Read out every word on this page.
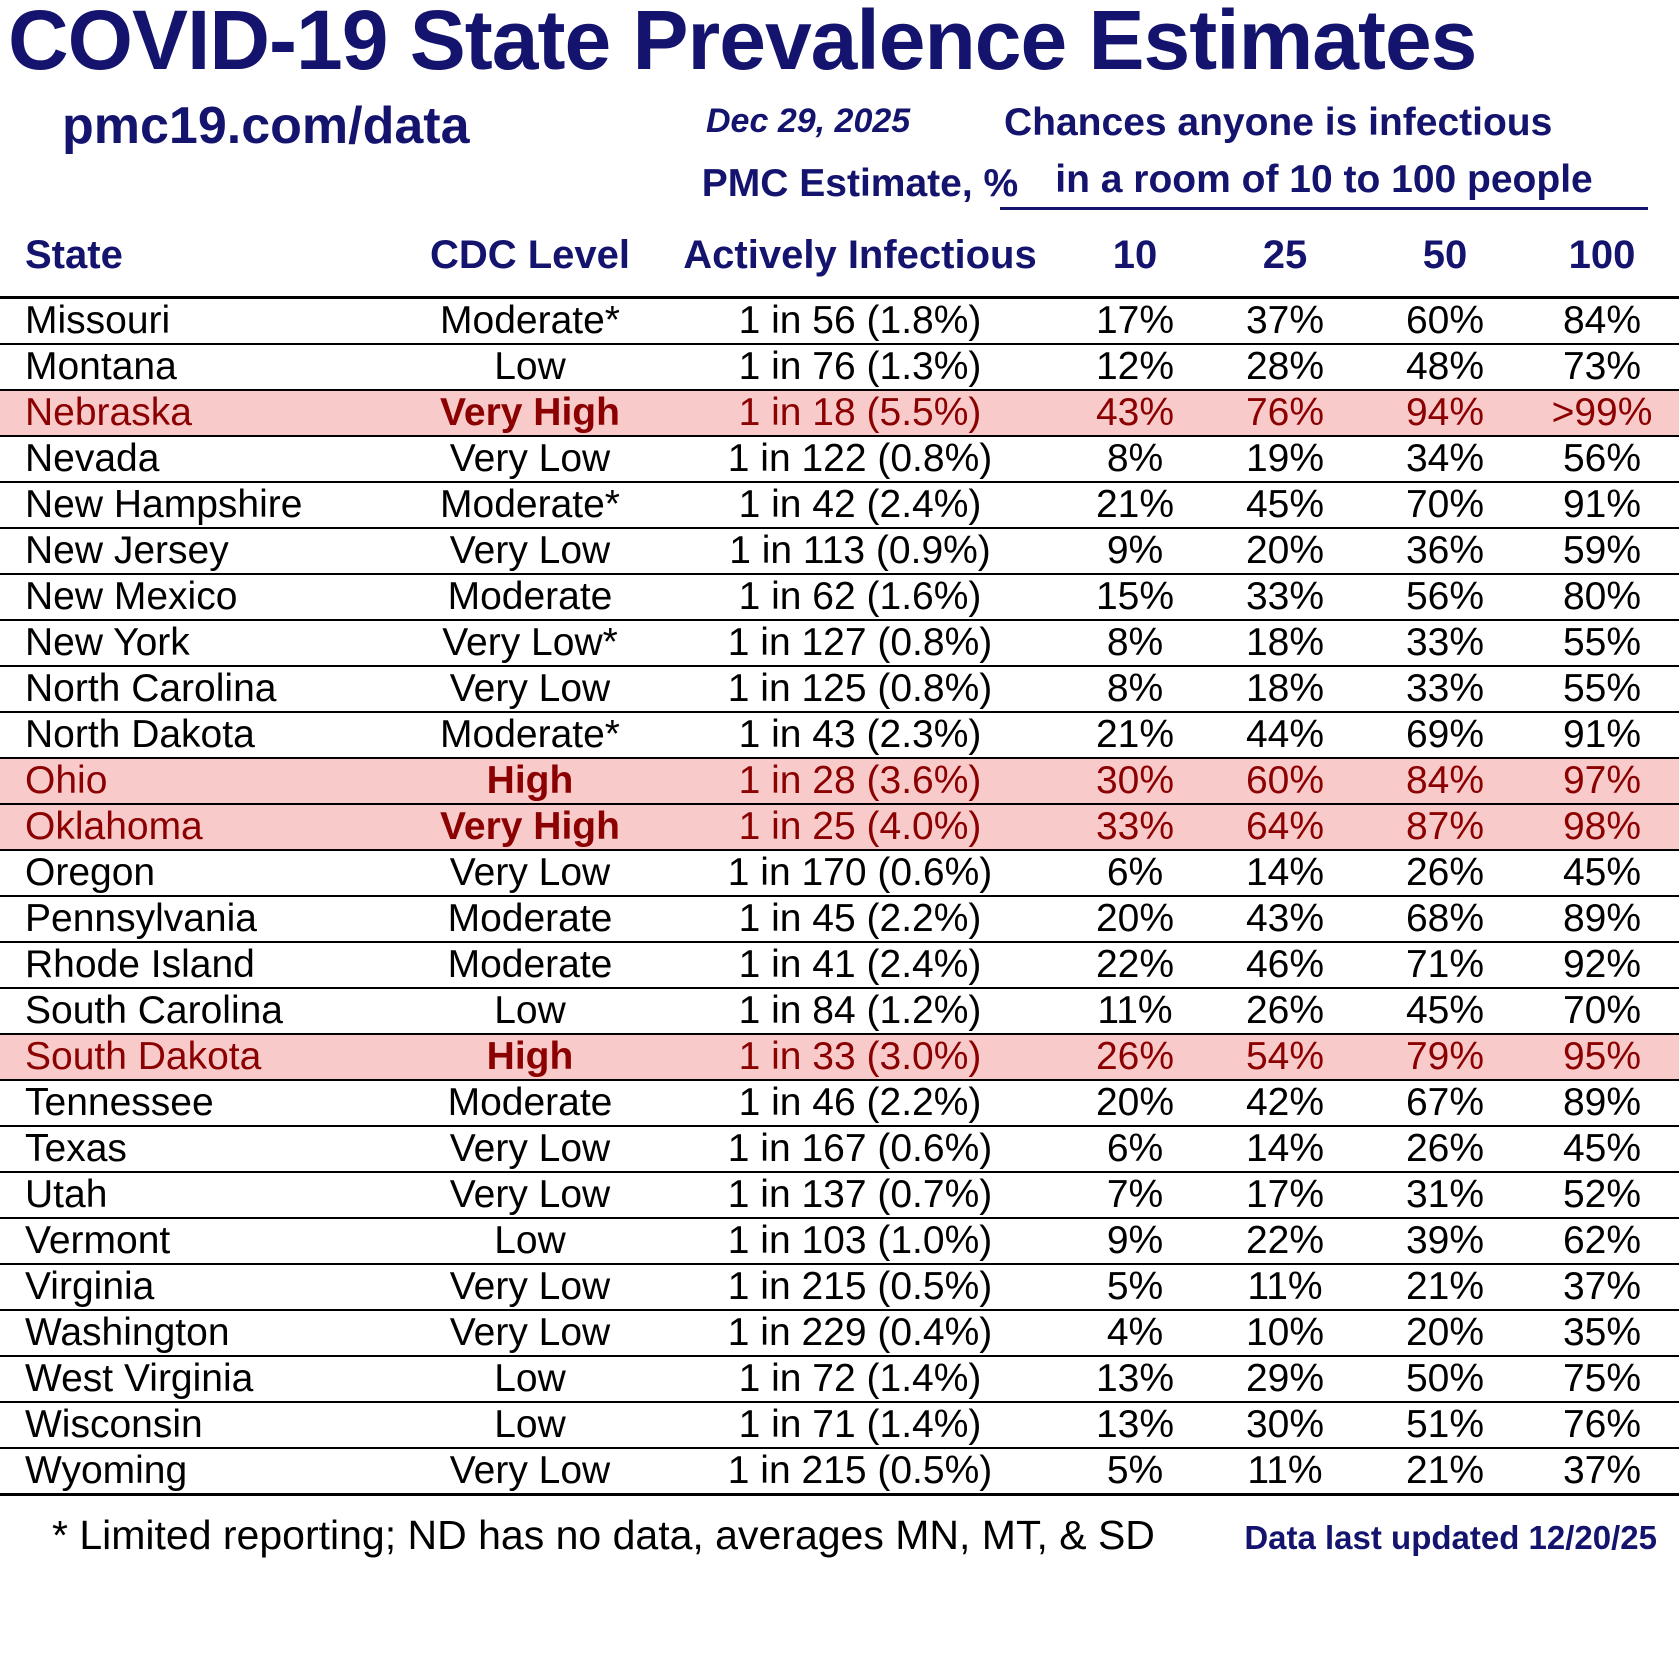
COVID-19 State Prevalence Estimates
pmc19.com/data	Dec 29, 2025 Chances anyone is infectious
PMC Estimate, % in a room of 10 to 100 people
State	CDC Level	Actively Infectious	10	25	50	100
Missouri	Moderate*	1 in 56 (1.8%)	17%	37%	60%	84%
Montana	Low	1 in 76 (1.3%)	12%	28%	48%	73%
Nebraska	Very High	1 in 18 (5.5%)	43%	76%	94%	>99%
Nevada	Very Low	1 in 122 (0.8%)	8%	19%	34%	56%
New Hampshire	Moderate*	1 in 42 (2.4%)	21%	45%	70%	91%
New Jersey	Very Low	1 in 113 (0.9%)	9%	20%	36%	59%
New Mexico	Moderate	1 in 62 (1.6%)	15%	33%	56%	80%
New York	Very Low*	1 in 127 (0.8%)	8%	18%	33%	55%
North Carolina	Very Low	1 in 125 (0.8%)	8%	18%	33%	55%
North Dakota	Moderate*	1 in 43 (2.3%)	21%	44%	69%	91%
Ohio	High	1 in 28 (3.6%)	30%	60%	84%	97%
Oklahoma	Very High	1 in 25 (4.0%)	33%	64%	87%	98%
Oregon	Very Low	1 in 170 (0.6%)	6%	14%	26%	45%
Pennsylvania	Moderate	1 in 45 (2.2%)	20%	43%	68%	89%
Rhode Island	Moderate	1 in 41 (2.4%)	22%	46%	71%	92%
South Carolina	Low	1 in 84 (1.2%)	11%	26%	45%	70%
South Dakota	High	1 in 33 (3.0%)	26%	54%	79%	95%
Tennessee	Moderate	1 in 46 (2.2%)	20%	42%	67%	89%
Texas	Very Low	1 in 167 (0.6%)	6%	14%	26%	45%
Utah	Very Low	1 in 137 (0.7%)	7%	17%	31%	52%
Vermont	Low	1 in 103 (1.0%)	9%	22%	39%	62%
Virginia	Very Low	1 in 215 (0.5%)	5%	11%	21%	37%
Washington	Very Low	1 in 229 (0.4%)	4%	10%	20%	35%
West Virginia	Low	1 in 72 (1.4%)	13%	29%	50%	75%
Wisconsin	Low	1 in 71 (1.4%)	13%	30%	51%	76%
Wyoming	Very Low	1 in 215 (0.5%)	5%	11%	21%	37%
* Limited reporting; ND has no data, averages MN, MT, & SD	Data last updated 12/20/25
